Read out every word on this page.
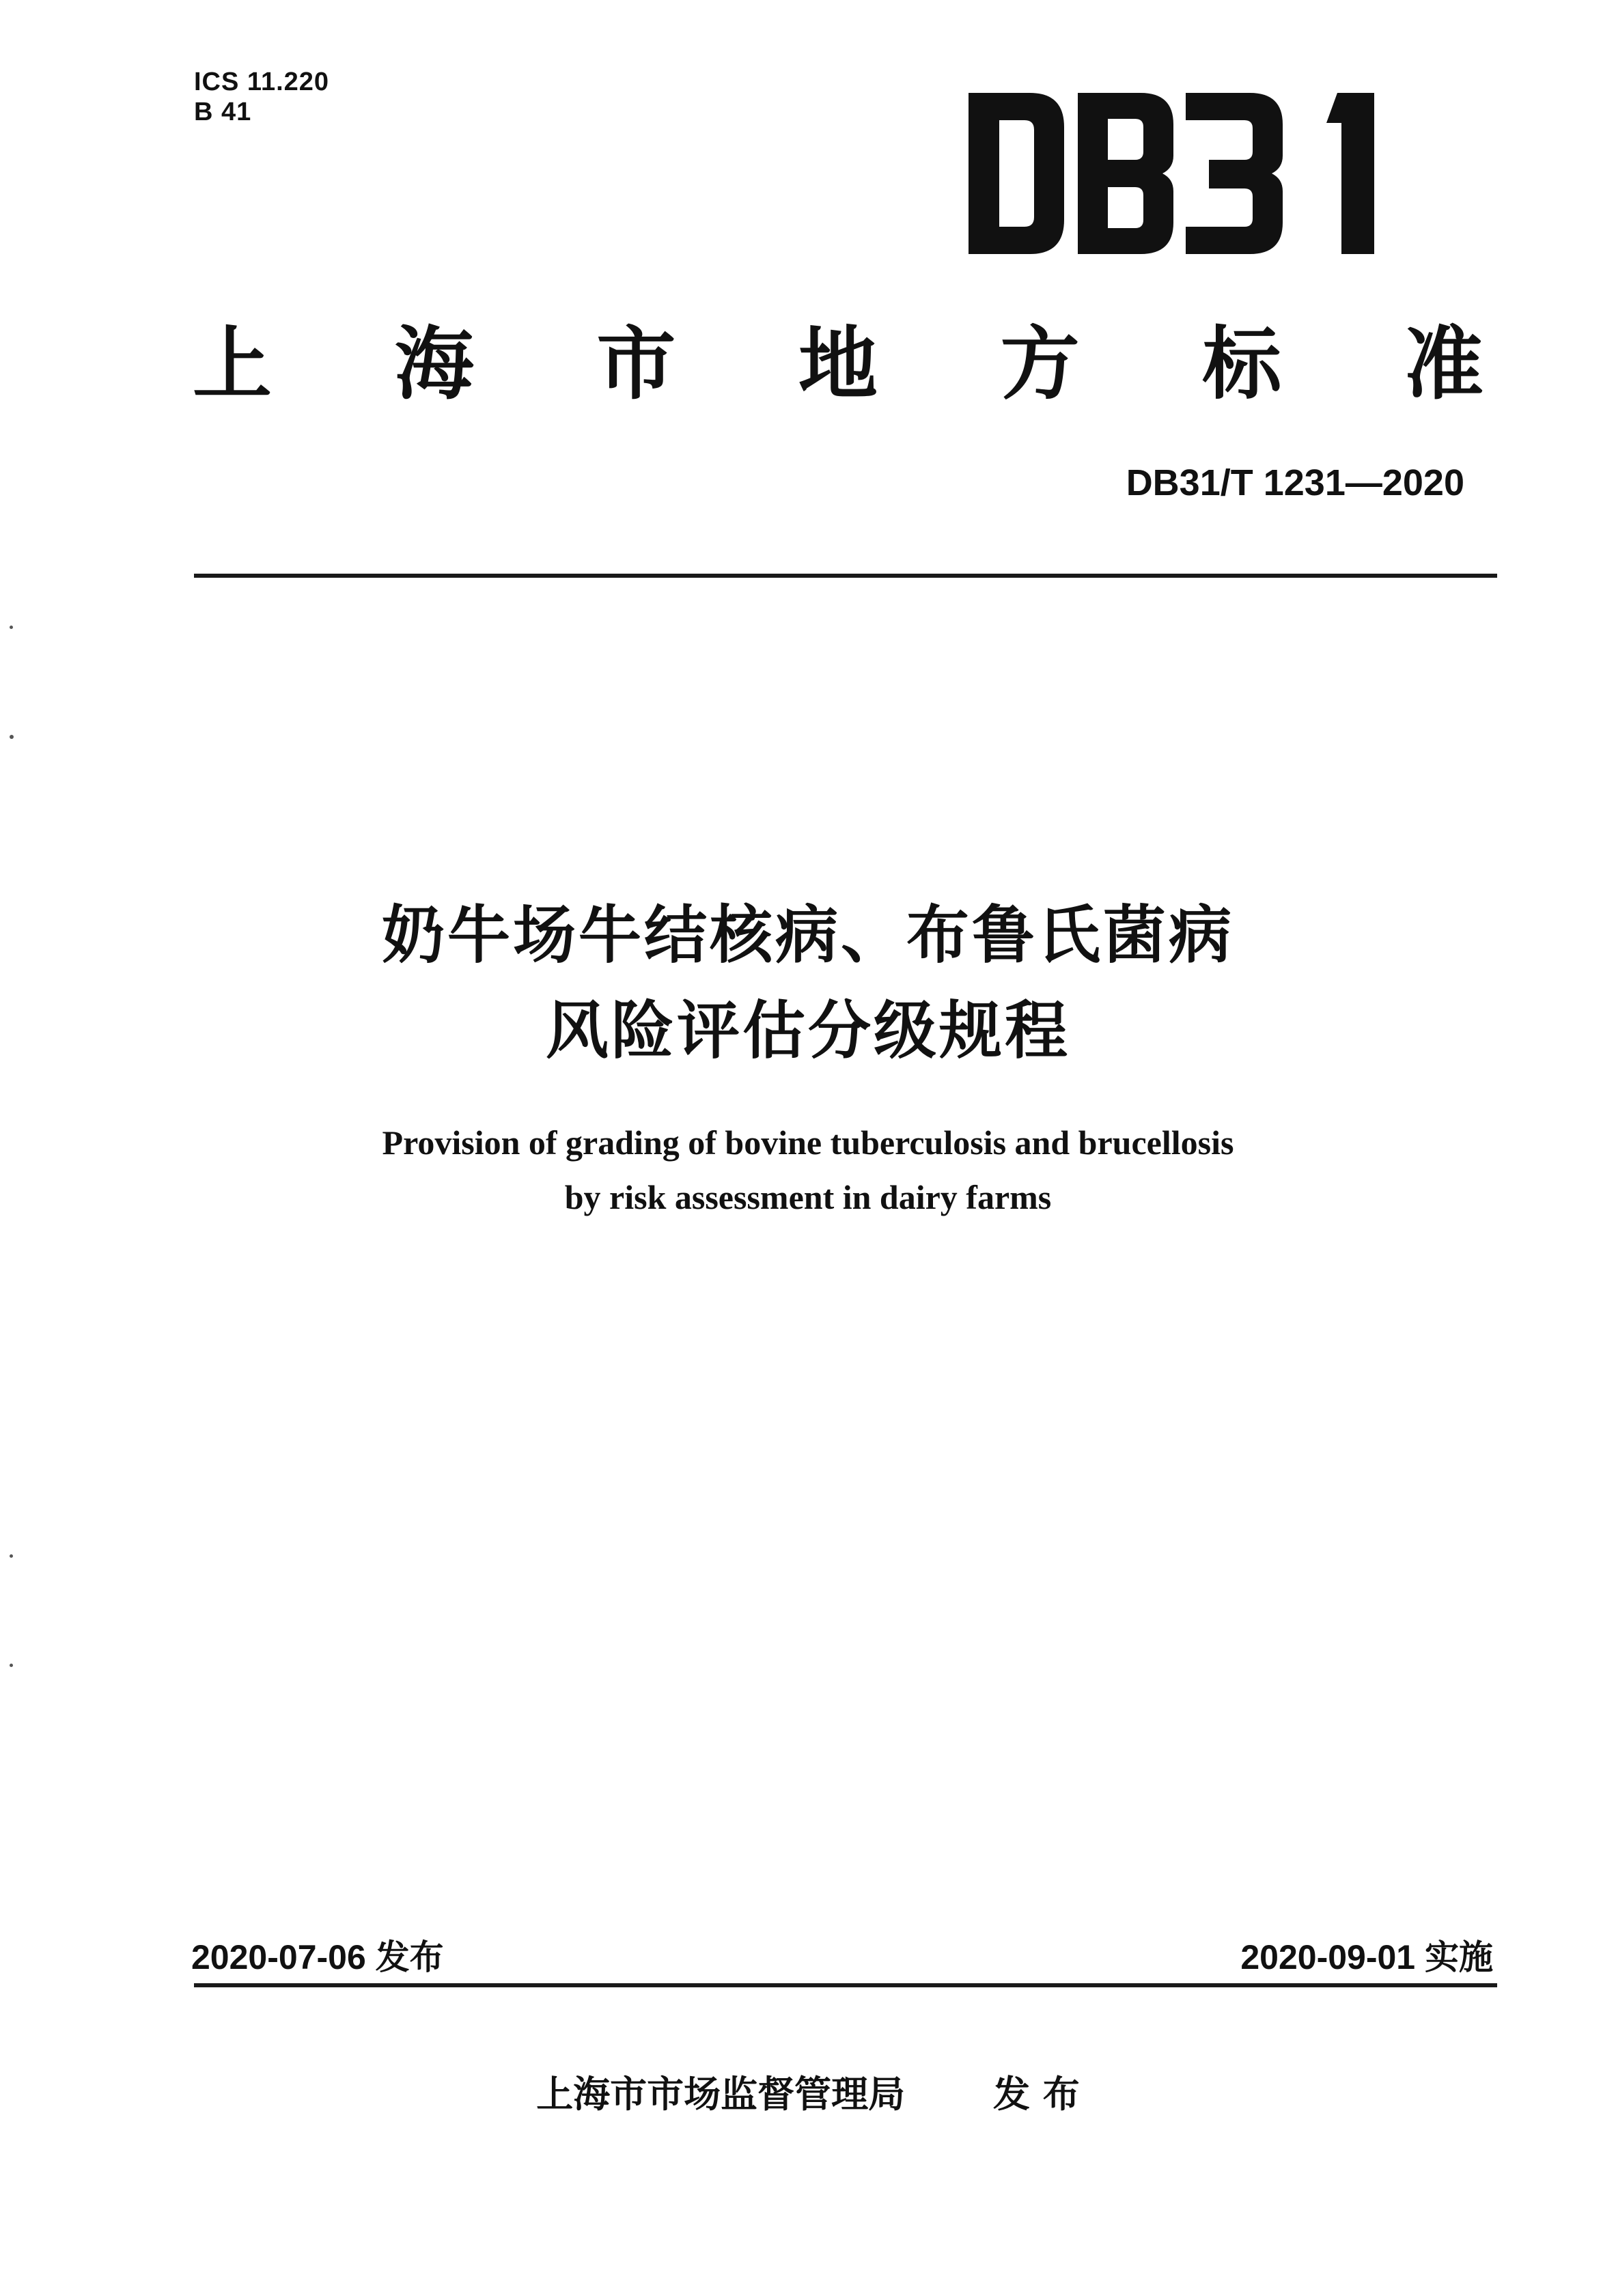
ICS 11.220
B 41
上 海 市 地 方 标 准
DB31/T 1231—2020
奶牛场牛结核病、布鲁氏菌病
风险评估分级规程
Provision of grading of bovine tuberculosis and brucellosis
by risk assessment in dairy farms
2020-07-06 发布	2020-09-01 实施
上海市市场监督管理局 发 布
